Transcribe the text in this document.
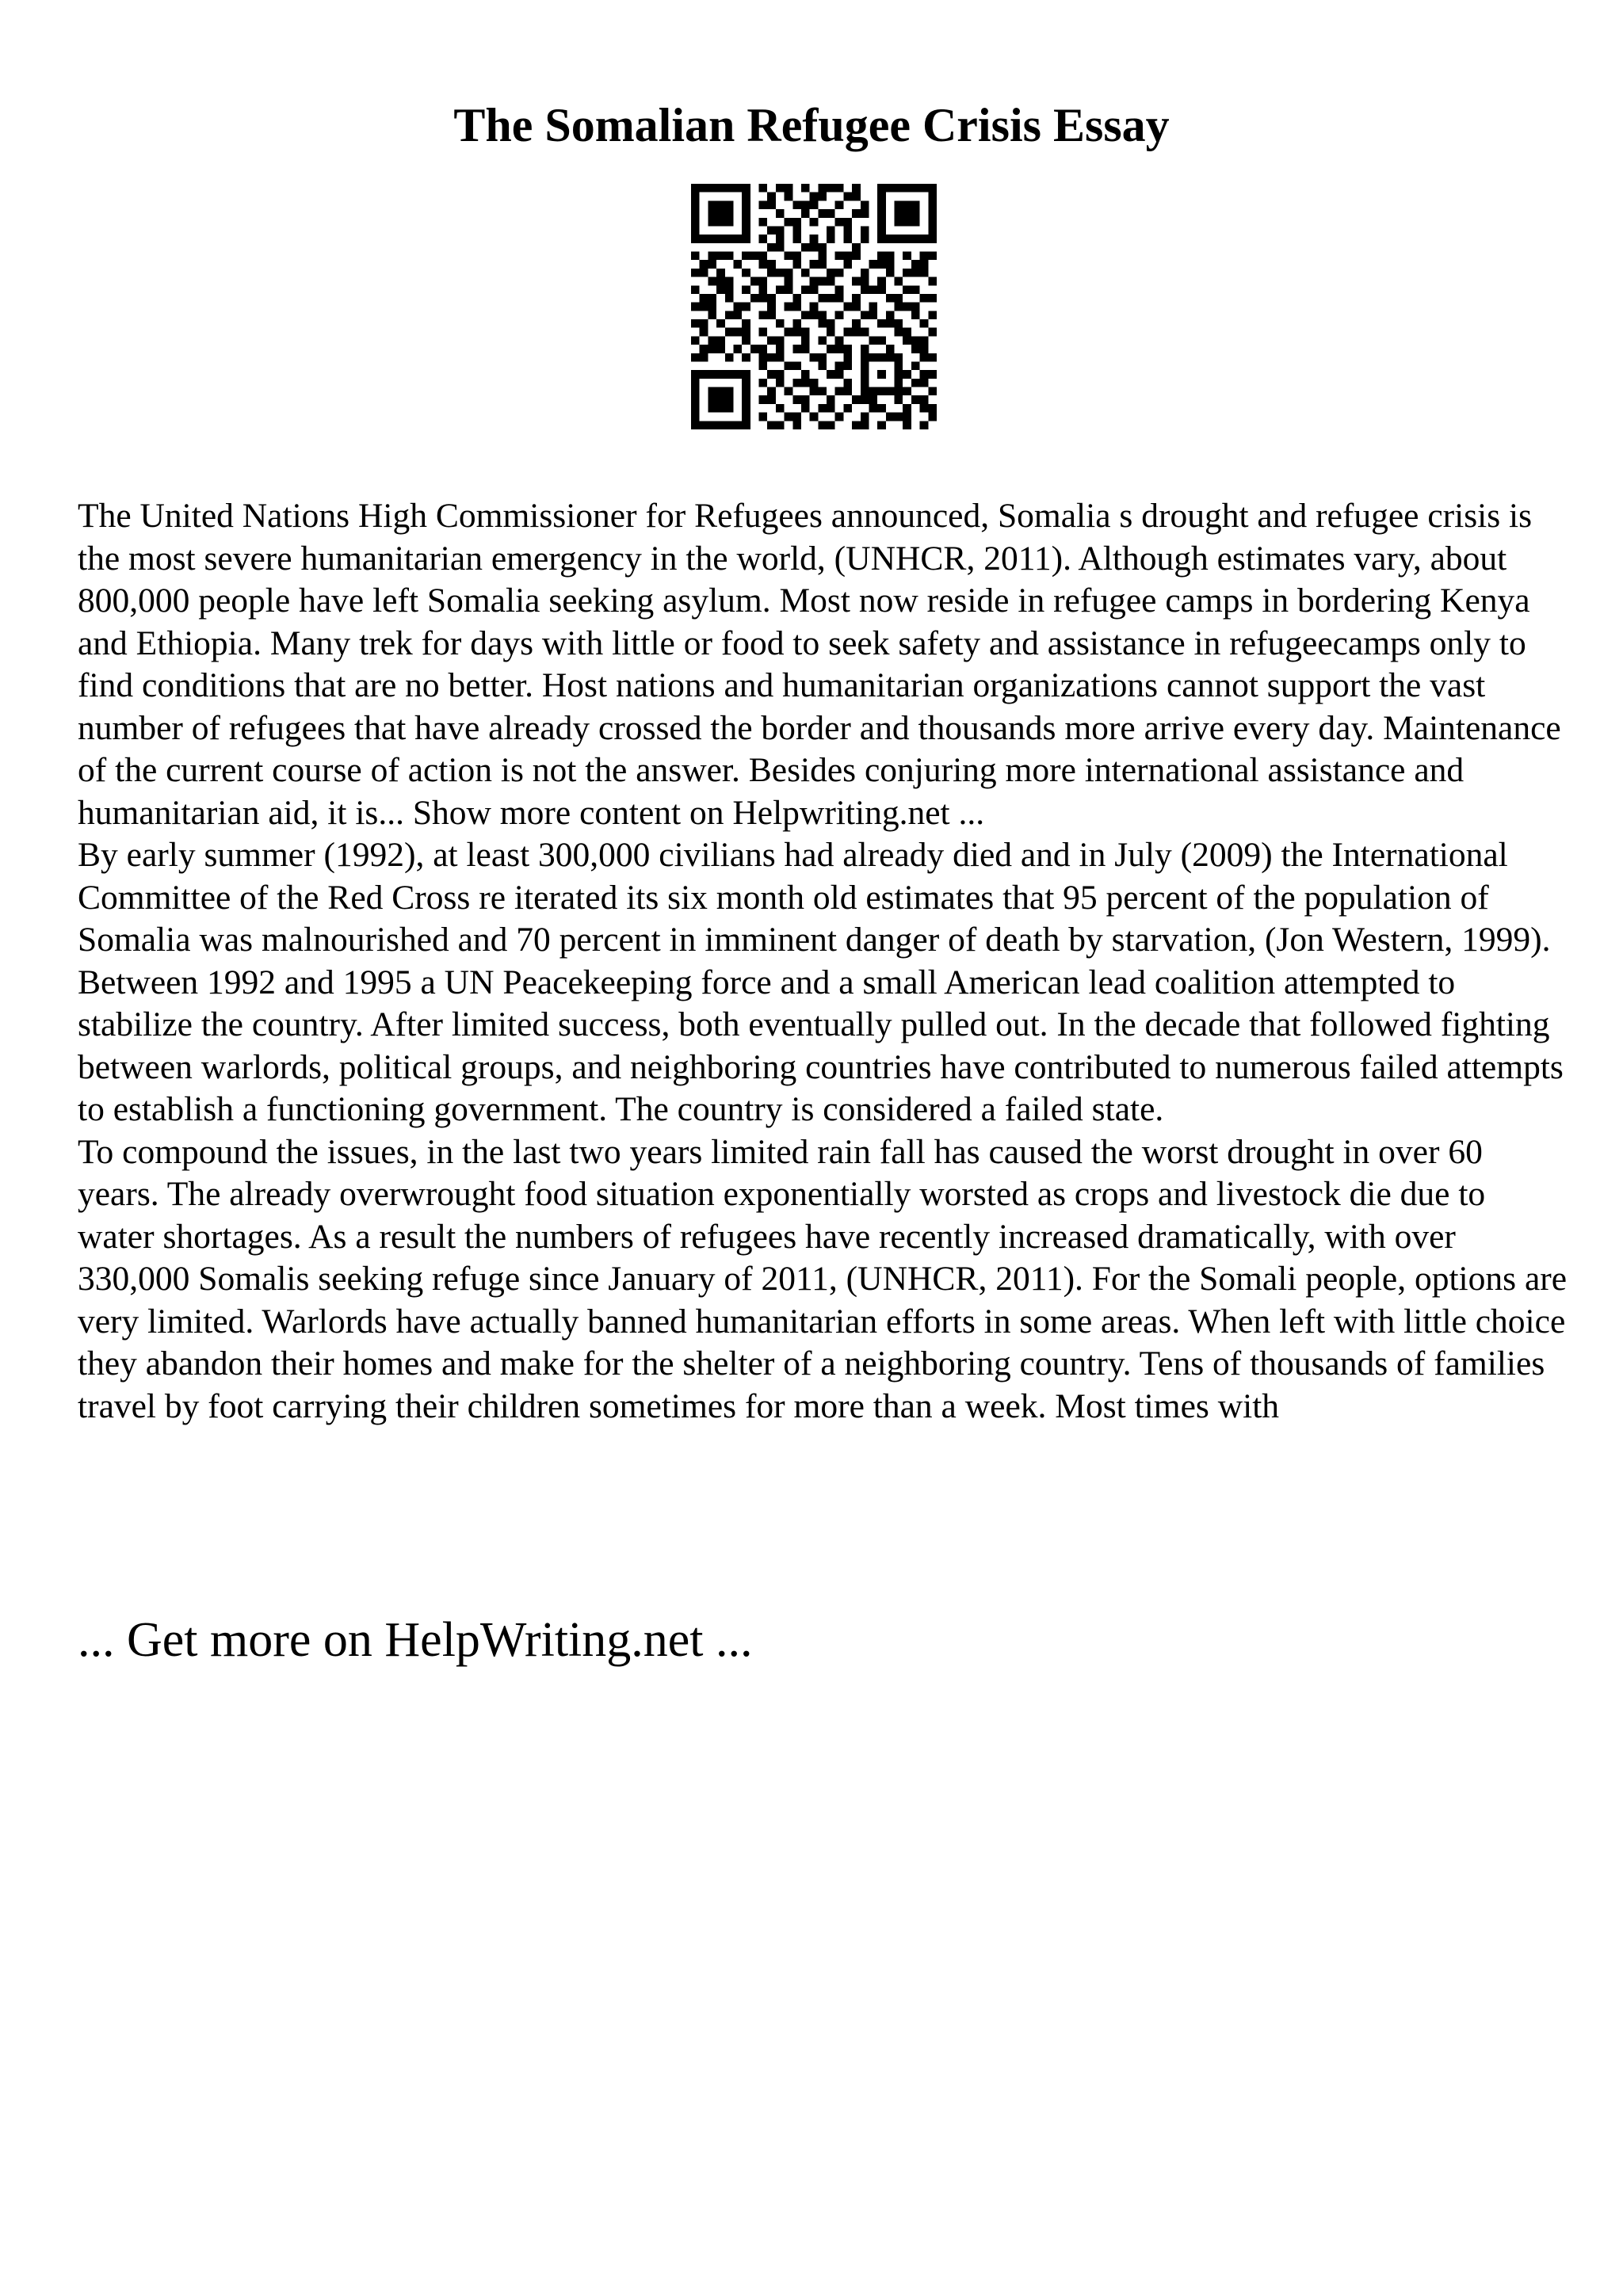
The Somalian Refugee Crisis Essay

The United Nations High Commissioner for Refugees announced, Somalia s drought and refugee crisis is the most severe humanitarian emergency in the world, (UNHCR, 2011). Although estimates vary, about 800,000 people have left Somalia seeking asylum. Most now reside in refugee camps in bordering Kenya and Ethiopia. Many trek for days with little or food to seek safety and assistance in refugeecamps only to find conditions that are no better. Host nations and humanitarian organizations cannot support the vast number of refugees that have already crossed the border and thousands more arrive every day. Maintenance of the current course of action is not the answer. Besides conjuring more international assistance and humanitarian aid, it is... Show more content on Helpwriting.net ...

By early summer (1992), at least 300,000 civilians had already died and in July (2009) the International Committee of the Red Cross re iterated its six month old estimates that 95 percent of the population of Somalia was malnourished and 70 percent in imminent danger of death by starvation, (Jon Western, 1999). Between 1992 and 1995 a UN Peacekeeping force and a small American lead coalition attempted to stabilize the country. After limited success, both eventually pulled out. In the decade that followed fighting between warlords, political groups, and neighboring countries have contributed to numerous failed attempts to establish a functioning government. The country is considered a failed state.

To compound the issues, in the last two years limited rain fall has caused the worst drought in over 60 years. The already overwrought food situation exponentially worsted as crops and livestock die due to water shortages. As a result the numbers of refugees have recently increased dramatically, with over 330,000 Somalis seeking refuge since January of 2011, (UNHCR, 2011). For the Somali people, options are very limited. Warlords have actually banned humanitarian efforts in some areas. When left with little choice they abandon their homes and make for the shelter of a neighboring country. Tens of thousands of families travel by foot carrying their children sometimes for more than a week. Most times with

... Get more on HelpWriting.net ...
